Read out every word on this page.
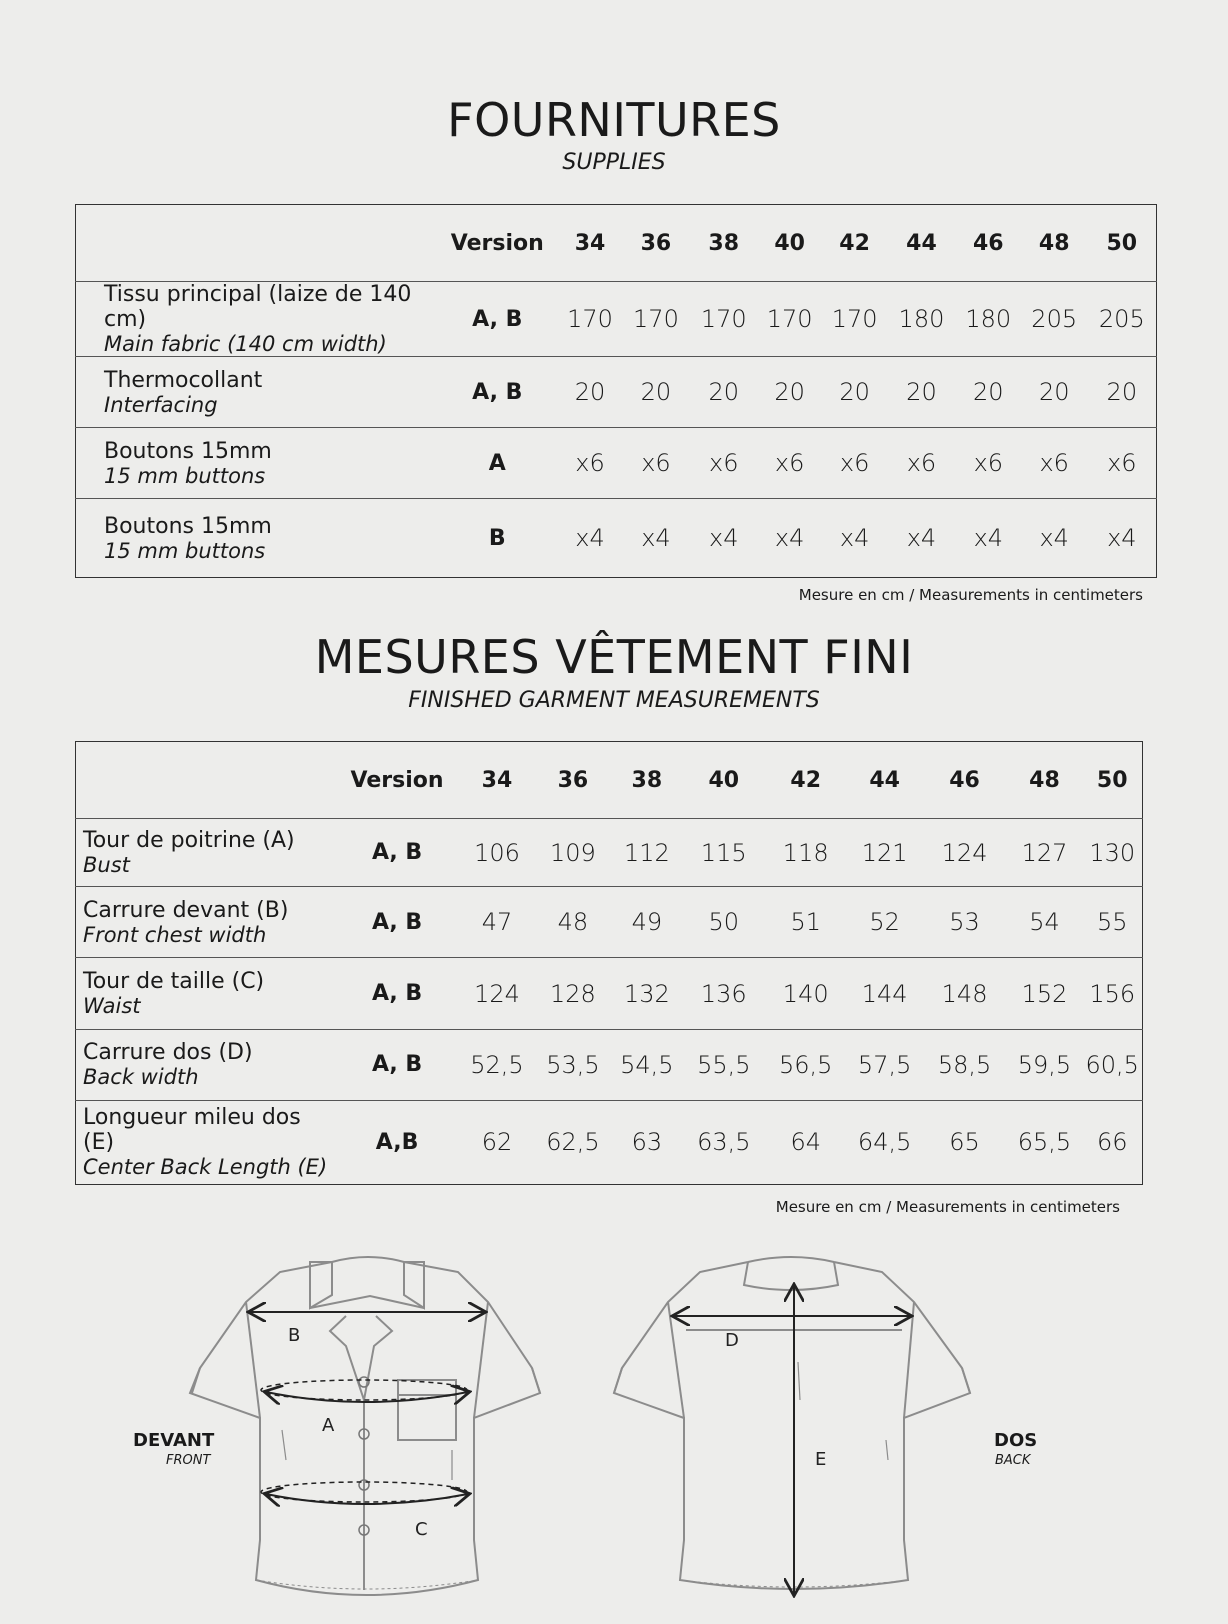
FOURNITURES
SUPPLIES
	Version	34	36	38	40	42	44	46	48	50

Tissu principal (laize de 140 cm)
Main fabric (140 cm width)	A, B	170	170	170	170	170	180	180	205	205

Thermocollant
Interfacing	A, B	20	20	20	20	20	20	20	20	20

Boutons 15mm
15 mm buttons	A	x6	x6	x6	x6	x6	x6	x6	x6	x6

Boutons 15mm
15 mm buttons	B	x4	x4	x4	x4	x4	x4	x4	x4	x4
Mesure en cm / Measurements in centimeters
MESURES VÊTEMENT FINI
FINISHED GARMENT MEASUREMENTS
	Version	34	36	38	40	42	44	46	48	50

Tour de poitrine (A)
Bust	A, B	106	109	112	115	118	121	124	127	130

Carrure devant (B)
Front chest width	A, B	47	48	49	50	51	52	53	54	55

Tour de taille (C)
Waist	A, B	124	128	132	136	140	144	148	152	156

Carrure dos (D)
Back width	A, B	52,5	53,5	54,5	55,5	56,5	57,5	58,5	59,5	60,5

Longueur mileu dos (E)
Center Back Length (E)	A,B	62	62,5	63	63,5	64	64,5	65	65,5	66
Mesure en cm / Measurements in centimeters
DEVANT
FRONT
DOS
BACK
B
A
C
D
E
